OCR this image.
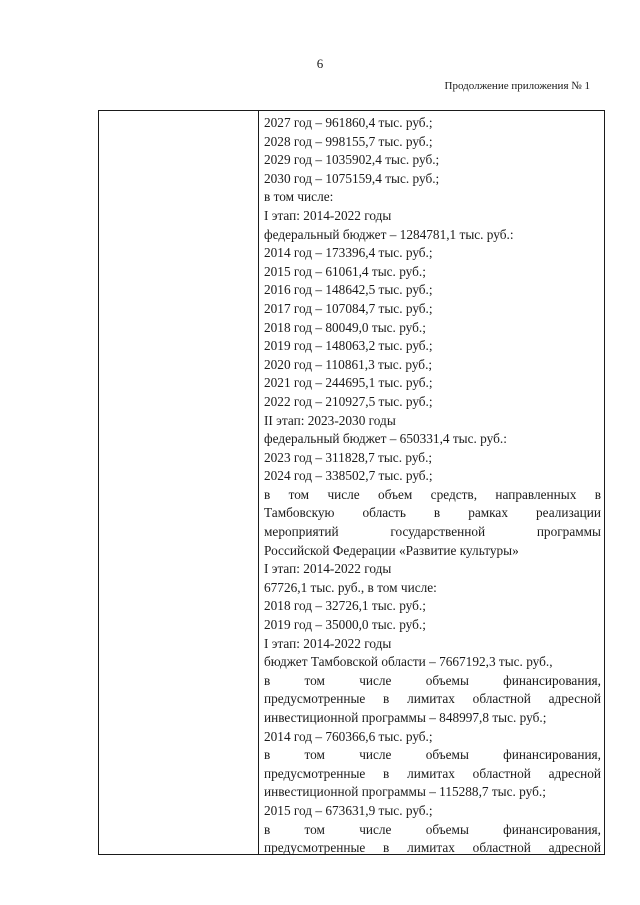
6
Продолжение приложения № 1
2027 год – 961860,4 тыс. руб.;
2028 год – 998155,7 тыс. руб.;
2029 год – 1035902,4 тыс. руб.;
2030 год – 1075159,4 тыс. руб.;
в том числе:
I этап: 2014-2022 годы
федеральный бюджет – 1284781,1 тыс. руб.:
2014 год – 173396,4 тыс. руб.;
2015 год – 61061,4 тыс. руб.;
2016 год – 148642,5 тыс. руб.;
2017 год – 107084,7 тыс. руб.;
2018 год – 80049,0 тыс. руб.;
2019 год – 148063,2 тыс. руб.;
2020 год – 110861,3 тыс. руб.;
2021 год – 244695,1 тыс. руб.;
2022 год – 210927,5 тыс. руб.;
II этап: 2023-2030 годы
федеральный бюджет – 650331,4 тыс. руб.:
2023 год – 311828,7 тыс. руб.;
2024 год – 338502,7 тыс. руб.;
в том числе объем средств, направленных в
Тамбовскую область в рамках реализации
мероприятий государственной программы
Российской Федерации «Развитие культуры»
I этап: 2014-2022 годы
67726,1 тыс. руб., в том числе:
2018 год – 32726,1 тыс. руб.;
2019 год – 35000,0 тыс. руб.;
I этап: 2014-2022 годы
бюджет Тамбовской области – 7667192,3 тыс. руб.,
в том числе объемы финансирования,
предусмотренные в лимитах областной адресной
инвестиционной программы – 848997,8 тыс. руб.;
2014 год – 760366,6 тыс. руб.;
в том числе объемы финансирования,
предусмотренные в лимитах областной адресной
инвестиционной программы – 115288,7 тыс. руб.;
2015 год – 673631,9 тыс. руб.;
в том числе объемы финансирования,
предусмотренные в лимитах областной адресной
